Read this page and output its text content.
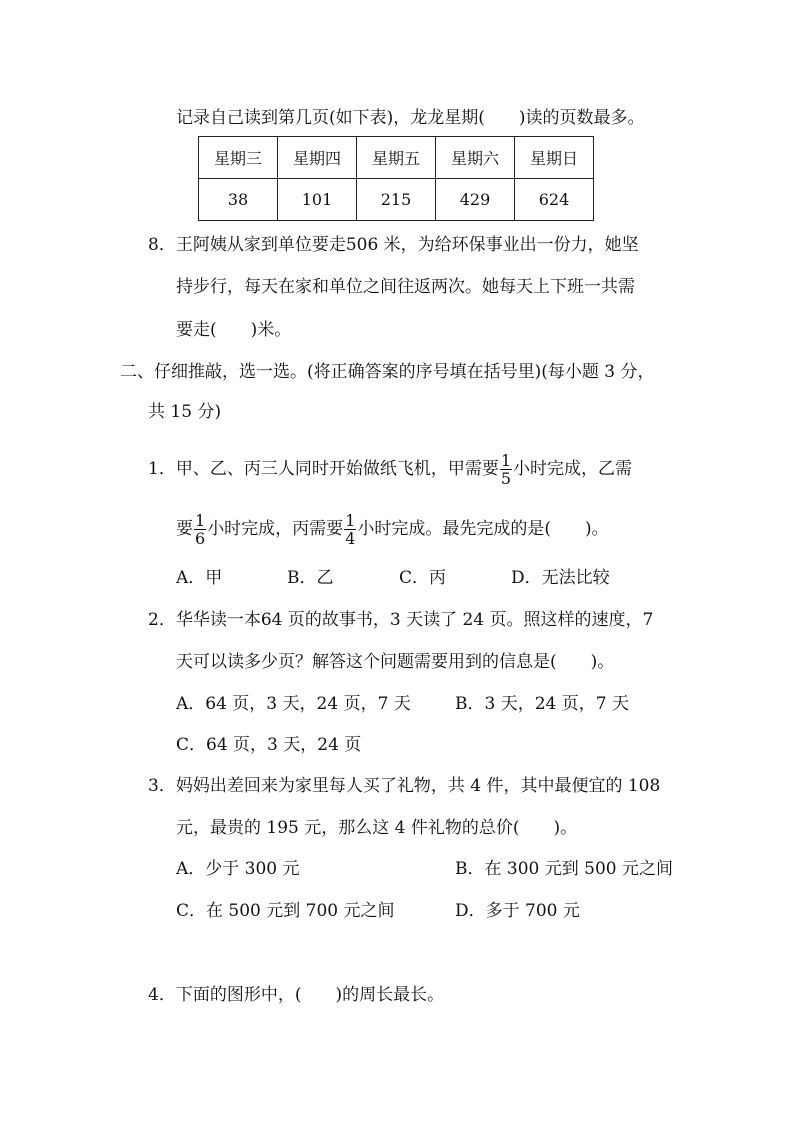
记录自己读到第几页(如下表)，龙龙星期(　　)读的页数最多。
星期三	星期四	星期五	星期六	星期日
38	101	215	429	624
8．王阿姨从家到单位要走506 米，为给环保事业出一份力，她坚
持步行，每天在家和单位之间往返两次。她每天上下班一共需
要走(　　)米。
二、仔细推敲，选一选。(将正确答案的序号填在括号里)(每小题 3 分，
共 15 分)
1．甲、乙、丙三人同时开始做纸飞机，甲需要 $\frac{1}{5}$ 小时完成，乙需
要 $\frac{1}{6}$ 小时完成，丙需要 $\frac{1}{4}$ 小时完成。最先完成的是(　　)。
A．甲	B．乙	C．丙	D．无法比较
2．华华读一本64 页的故事书，3 天读了 24 页。照这样的速度，7
天可以读多少页？解答这个问题需要用到的信息是(　　)。
A．64 页，3 天，24 页，7 天	B．3 天，24 页，7 天
C．64 页，3 天，24 页
3．妈妈出差回来为家里每人买了礼物，共 4 件，其中最便宜的 108
元，最贵的 195 元，那么这 4 件礼物的总价(　　)。
A．少于 300 元	B．在 300 元到 500 元之间
C．在 500 元到 700 元之间	D．多于 700 元
4．下面的图形中，(　　)的周长最长。
